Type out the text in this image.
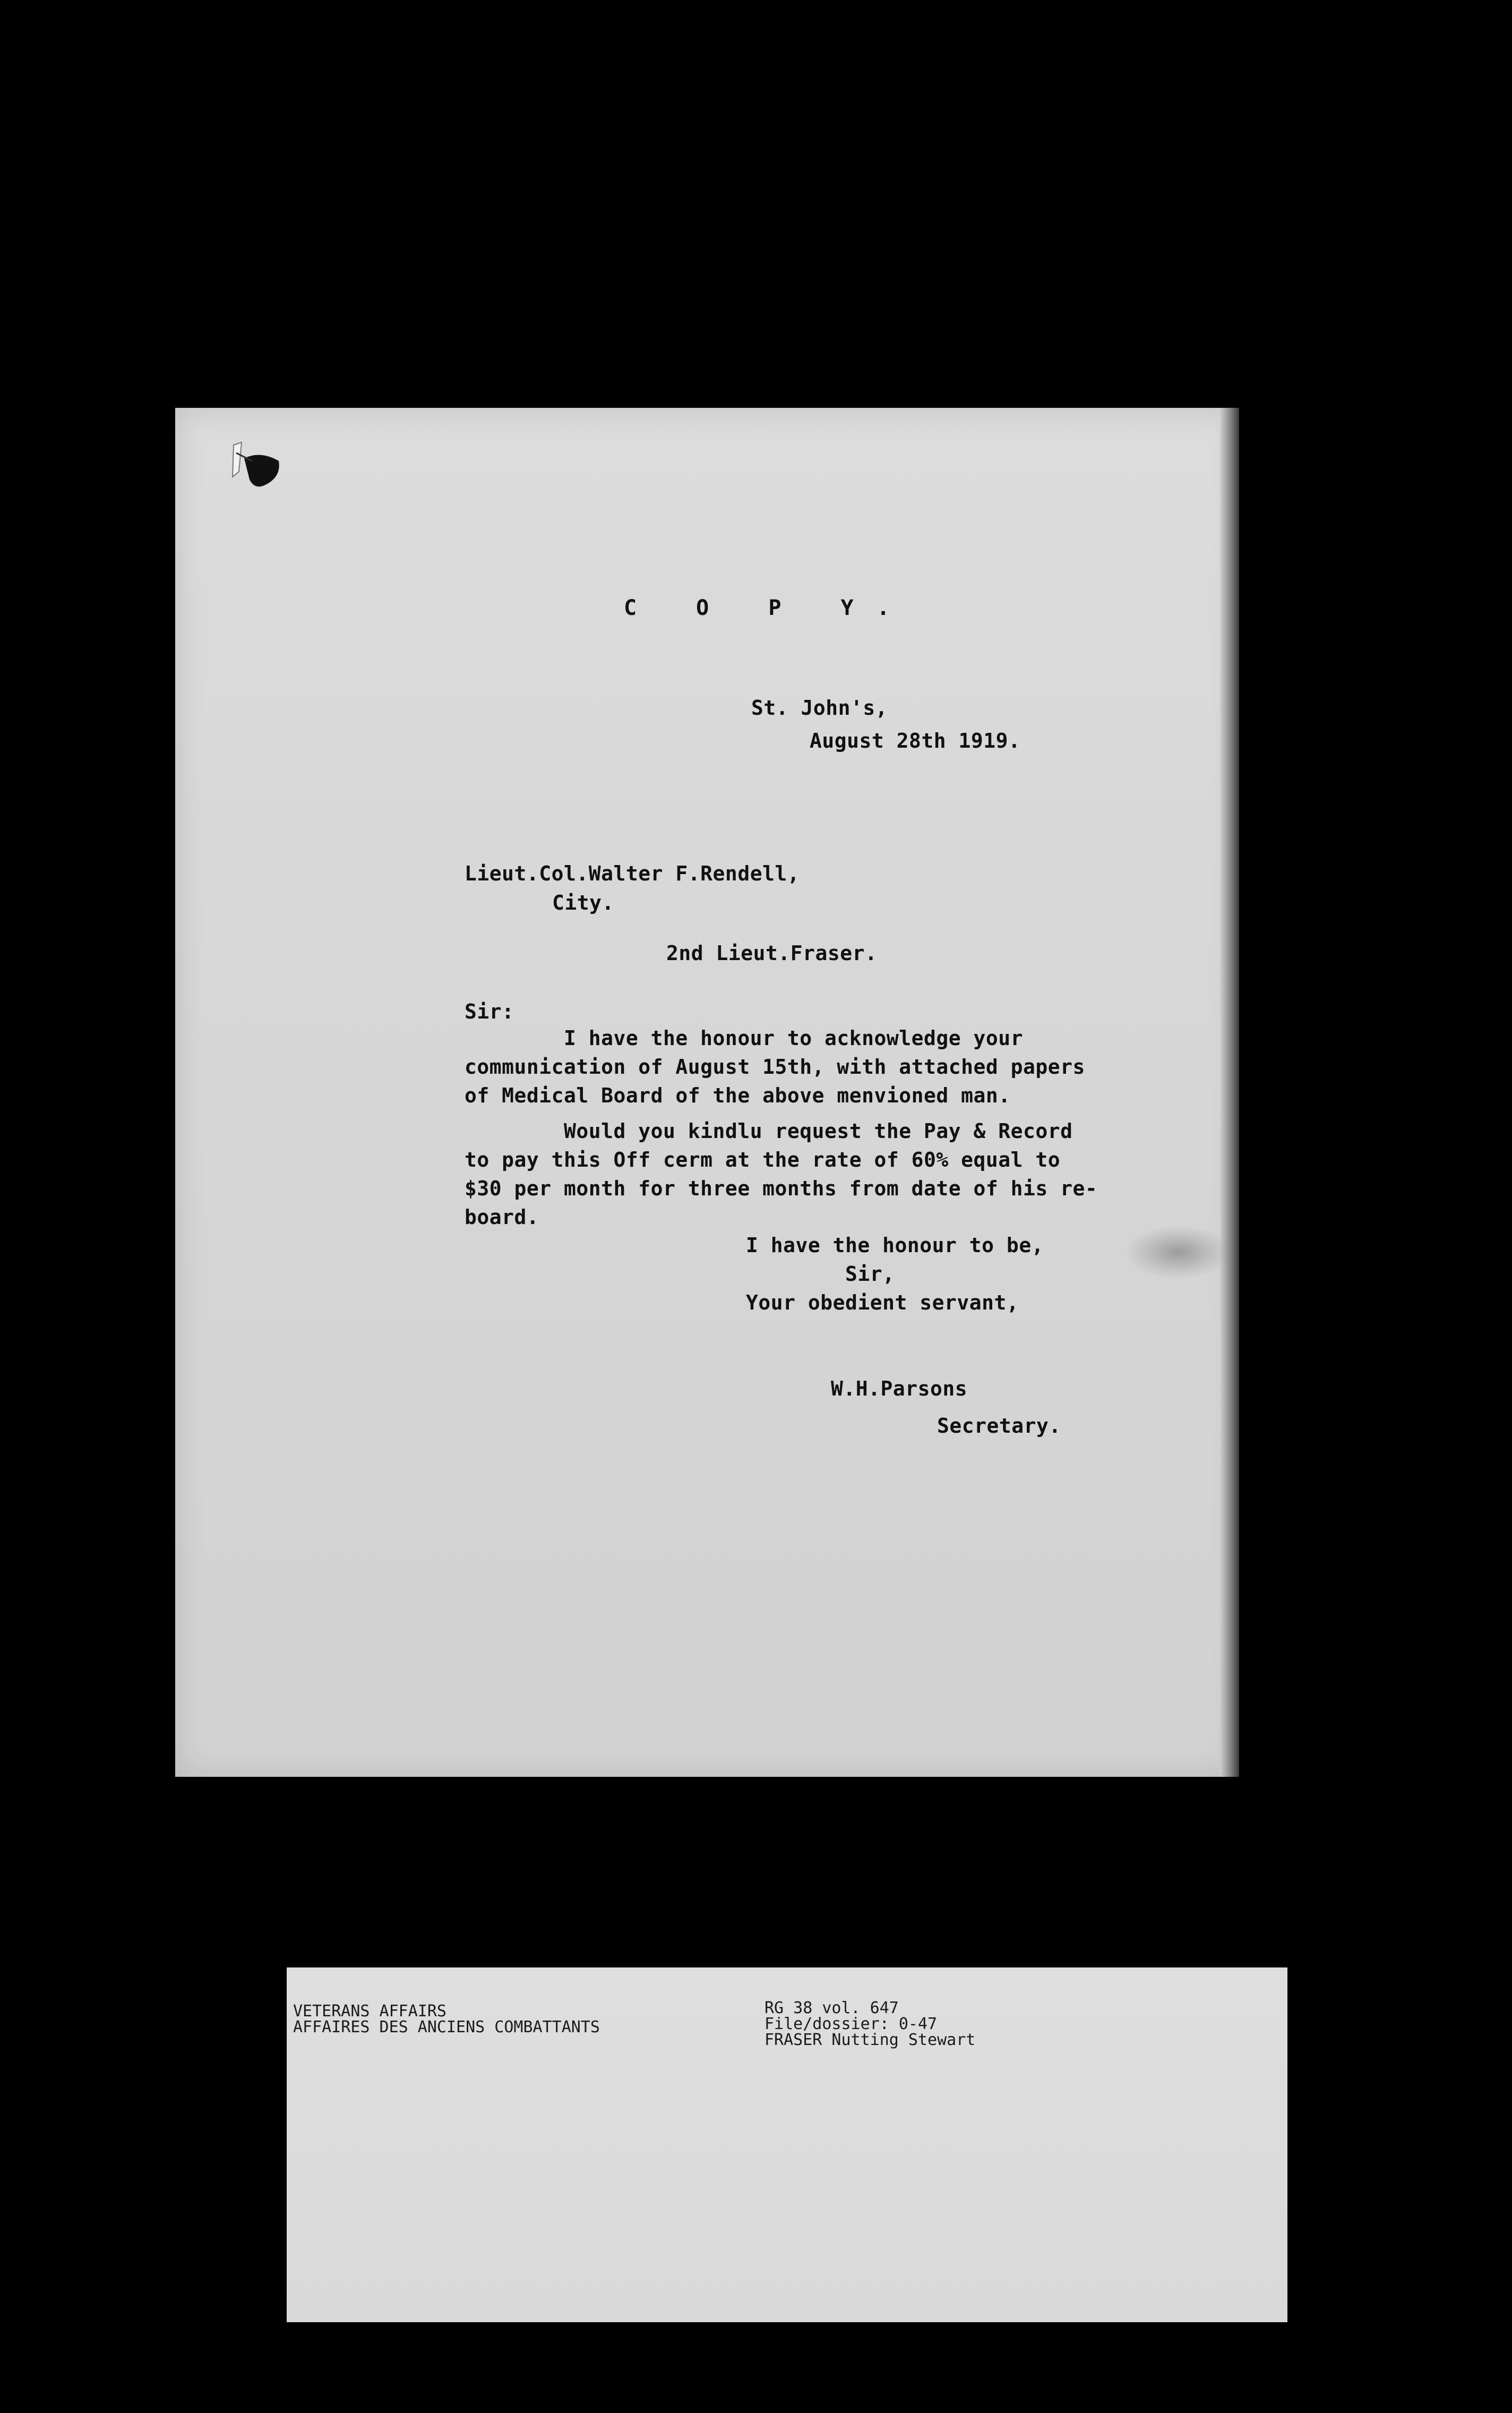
C O P Y.
St. John's,
August 28th 1919.
Lieut.Col.Walter F.Rendell,
City.
2nd Lieut.Fraser.
Sir:
I have the honour to acknowledge your
communication of August 15th, with attached papers
of Medical Board of the above menvioned man.
Would you kindlu request the Pay & Record
to pay this Off cerm at the rate of 60% equal to
$30 per month for three months from date of his re-
board.
I have the honour to be,
Sir,
Your obedient servant,
W.H.Parsons
Secretary.
VETERANS AFFAIRS
AFFAIRES DES ANCIENS COMBATTANTS
RG 38 vol. 647
File/dossier: 0-47
FRASER Nutting Stewart
